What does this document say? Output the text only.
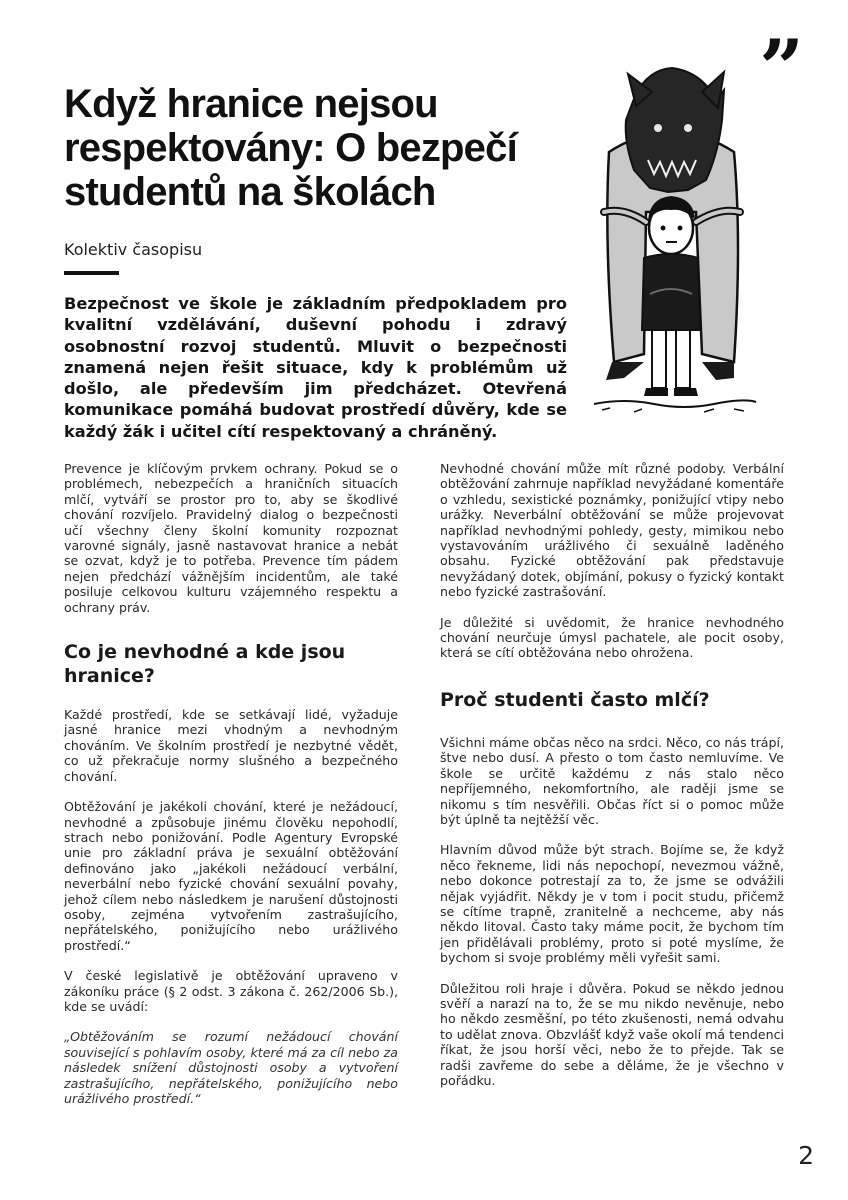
”
Když hranice nejsou respektovány: O bezpečí studentů na školách

Kolektiv časopisu

Bezpečnost ve škole je základním předpokladem pro kvalitní vzdělávání, duševní pohodu i zdravý osobnostní rozvoj studentů. Mluvit o bezpečnosti znamená nejen řešit situace, kdy k problémům už došlo, ale především jim předcházet. Otevřená komunikace pomáhá budovat prostředí důvěry, kde se každý žák i učitel cítí respektovaný a chráněný.

Prevence je klíčovým prvkem ochrany. Pokud se o problémech, nebezpečích a hraničních situacích mlčí, vytváří se prostor pro to, aby se škodlivé chování rozvíjelo. Pravidelný dialog o bezpečnosti učí všechny členy školní komunity rozpoznat varovné signály, jasně nastavovat hranice a nebát se ozvat, když je to potřeba. Prevence tím pádem nejen předchází vážnějším incidentům, ale také posiluje celkovou kulturu vzájemného respektu a ochrany práv.

Co je nevhodné a kde jsou hranice?

Každé prostředí, kde se setkávají lidé, vyžaduje jasné hranice mezi vhodným a nevhodným chováním. Ve školním prostředí je nezbytné vědět, co už překračuje normy slušného a bezpečného chování.

Obtěžování je jakékoli chování, které je nežádoucí, nevhodné a způsobuje jinému člověku nepohodlí, strach nebo ponižování. Podle Agentury Evropské unie pro základní práva je sexuální obtěžování definováno jako „jakékoli nežádoucí verbální, neverbální nebo fyzické chování sexuální povahy, jehož cílem nebo následkem je narušení důstojnosti osoby, zejména vytvořením zastrašujícího, nepřátelského, ponižujícího nebo urážlivého prostředí.“

V české legislativě je obtěžování upraveno v zákoníku práce (§ 2 odst. 3 zákona č. 262/2006 Sb.), kde se uvádí:

„Obtěžováním se rozumí nežádoucí chování související s pohlavím osoby, které má za cíl nebo za následek snížení důstojnosti osoby a vytvoření zastrašujícího, nepřátelského, ponižujícího nebo urážlivého prostředí.“

Nevhodné chování může mít různé podoby. Verbální obtěžování zahrnuje například nevyžádané komentáře o vzhledu, sexistické poznámky, ponižující vtipy nebo urážky. Neverbální obtěžování se může projevovat například nevhodnými pohledy, gesty, mimikou nebo vystavováním urážlivého či sexuálně laděného obsahu. Fyzické obtěžování pak představuje nevyžádaný dotek, objímání, pokusy o fyzický kontakt nebo fyzické zastrašování.

Je důležité si uvědomit, že hranice nevhodného chování neurčuje úmysl pachatele, ale pocit osoby, která se cítí obtěžována nebo ohrožena.

Proč studenti často mlčí?

Všichni máme občas něco na srdci. Něco, co nás trápí, štve nebo dusí. A přesto o tom často nemluvíme. Ve škole se určitě každému z nás stalo něco nepříjemného, nekomfortního, ale raději jsme se nikomu s tím nesvěřili. Občas říct si o pomoc může být úplně ta nejtěžší věc.

Hlavním důvod může být strach. Bojíme se, že když něco řekneme, lidi nás nepochopí, nevezmou vážně, nebo dokonce potrestají za to, že jsme se odvážili nějak vyjádřit. Někdy je v tom i pocit studu, přičemž se cítíme trapně, zranitelně a nechceme, aby nás někdo litoval. Často taky máme pocit, že bychom tím jen přidělávali problémy, proto si poté myslíme, že bychom si svoje problémy měli vyřešit sami.

Důležitou roli hraje i důvěra. Pokud se někdo jednou svěří a narazí na to, že se mu nikdo nevěnuje, nebo ho někdo zesměšní, po této zkušenosti, nemá odvahu to udělat znova. Obzvlášť když vaše okolí má tendenci říkat, že jsou horší věci, nebo že to přejde. Tak se radši zavřeme do sebe a děláme, že je všechno v pořádku.

2
